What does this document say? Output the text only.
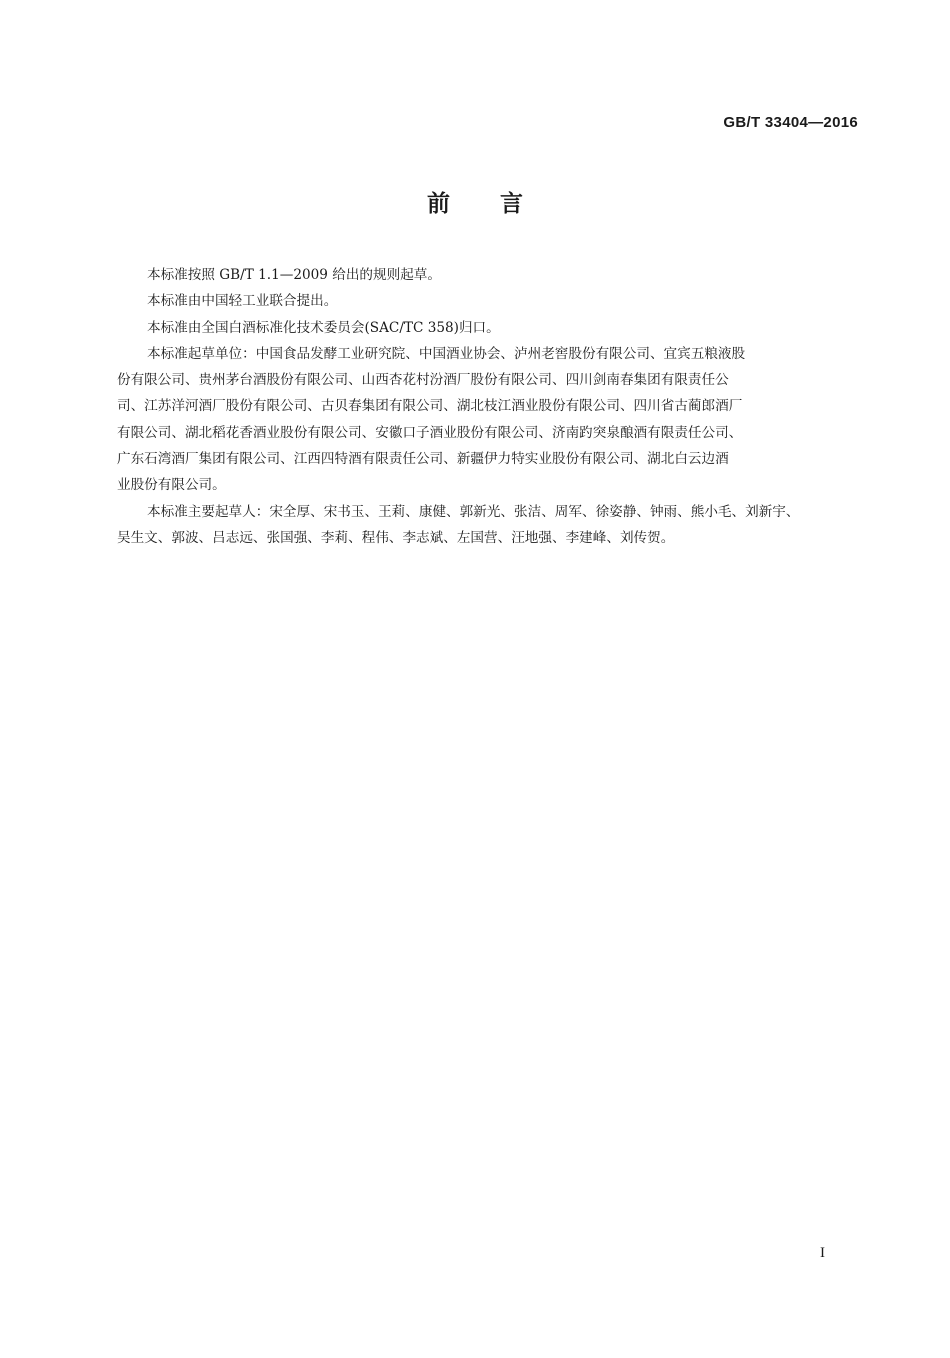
GB/T 33404—2016
前言

本标准按照 GB/T 1.1—2009 给出的规则起草。

本标准由中国轻工业联合提出。

本标准由全国白酒标准化技术委员会(SAC/TC 358)归口。

本标准起草单位：中国食品发酵工业研究院、中国酒业协会、泸州老窖股份有限公司、宜宾五粮液股
份有限公司、贵州茅台酒股份有限公司、山西杏花村汾酒厂股份有限公司、四川剑南春集团有限责任公
司、江苏洋河酒厂股份有限公司、古贝春集团有限公司、湖北枝江酒业股份有限公司、四川省古蔺郎酒厂
有限公司、湖北稻花香酒业股份有限公司、安徽口子酒业股份有限公司、济南趵突泉酿酒有限责任公司、
广东石湾酒厂集团有限公司、江西四特酒有限责任公司、新疆伊力特实业股份有限公司、湖北白云边酒
业股份有限公司。

本标准主要起草人：宋全厚、宋书玉、王莉、康健、郭新光、张洁、周军、徐姿静、钟雨、熊小毛、刘新宇、
吴生文、郭波、吕志远、张国强、李莉、程伟、李志斌、左国营、汪地强、李建峰、刘传贺。

I
